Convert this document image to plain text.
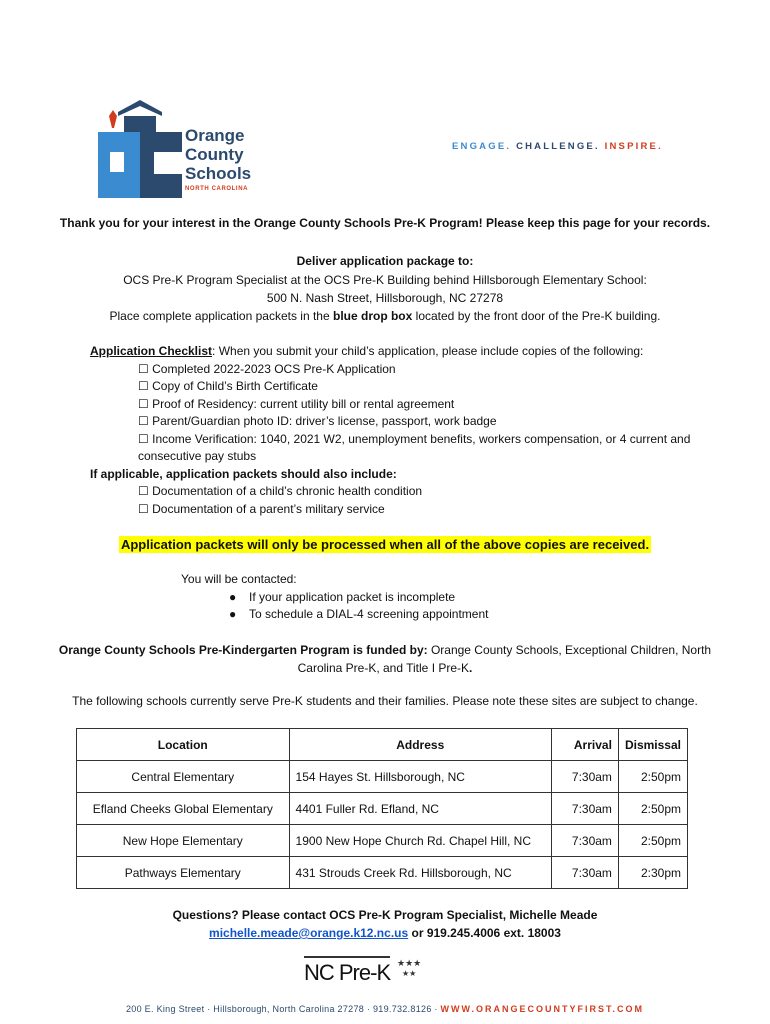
Orange
County
Schools
NORTH CAROLINA
ENGAGE. CHALLENGE. INSPIRE.
Thank you for your interest in the Orange County Schools Pre-K Program! Please keep this page for your records.
Deliver application package to:
OCS Pre-K Program Specialist at the OCS Pre-K Building behind Hillsborough Elementary School:
500 N. Nash Street, Hillsborough, NC 27278
Place complete application packets in the blue drop box located by the front door of the Pre-K building.
Application Checklist: When you submit your child’s application, please include copies of the following:
☐ Completed 2022-2023 OCS Pre-K Application
☐ Copy of Child’s Birth Certificate
☐ Proof of Residency: current utility bill or rental agreement
☐ Parent/Guardian photo ID: driver’s license, passport, work badge
☐ Income Verification: 1040, 2021 W2, unemployment benefits, workers compensation, or 4 current and
consecutive pay stubs
If applicable, application packets should also include:
☐ Documentation of a child’s chronic health condition
☐ Documentation of a parent’s military service
Application packets will only be processed when all of the above copies are received.
You will be contacted:
● If your application packet is incomplete
● To schedule a DIAL-4 screening appointment
Orange County Schools Pre-Kindergarten Program is funded by: Orange County Schools, Exceptional Children, North
Carolina Pre-K, and Title I Pre-K.
The following schools currently serve Pre-K students and their families. Please note these sites are subject to change.
Location	Address	Arrival	Dismissal
Central Elementary	154 Hayes St. Hillsborough, NC	7:30am	2:50pm
Efland Cheeks Global Elementary	4401 Fuller Rd. Efland, NC	7:30am	2:50pm
New Hope Elementary	1900 New Hope Church Rd. Chapel Hill, NC	7:30am	2:50pm
Pathways Elementary	431 Strouds Creek Rd. Hillsborough, NC	7:30am	2:30pm
Questions? Please contact OCS Pre-K Program Specialist, Michelle Meade
michelle.meade@orange.k12.nc.us or 919.245.4006 ext. 18003
★★★
★★
NC Pre-K
200 E. King Street · Hillsborough, North Carolina 27278 · 919.732.8126 · WWW.ORANGECOUNTYFIRST.COM
